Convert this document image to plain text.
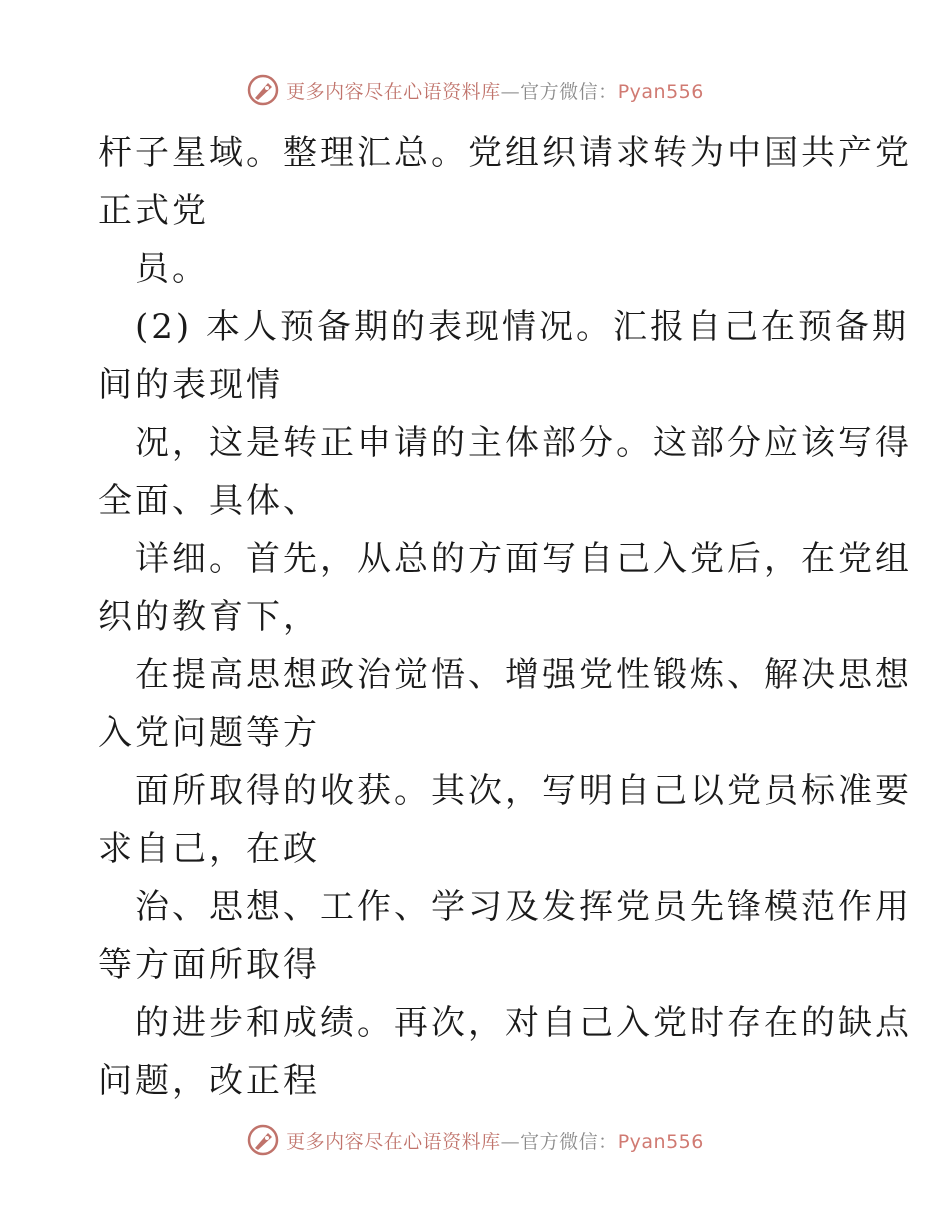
更多内容尽在心语资料库—官方微信：Pyan556
杆子星域。整理汇总。党组织请求转为中国共产党
正式党
员。
(2) 本人预备期的表现情况。汇报自己在预备期
间的表现情
况，这是转正申请的主体部分。这部分应该写得
全面、具体、
详细。首先，从总的方面写自己入党后，在党组
织的教育下，
在提高思想政治觉悟、增强党性锻炼、解决思想
入党问题等方
面所取得的收获。其次，写明自己以党员标准要
求自己，在政
治、思想、工作、学习及发挥党员先锋模范作用
等方面所取得
的进步和成绩。再次，对自己入党时存在的缺点
问题，改正程
更多内容尽在心语资料库—官方微信：Pyan556
